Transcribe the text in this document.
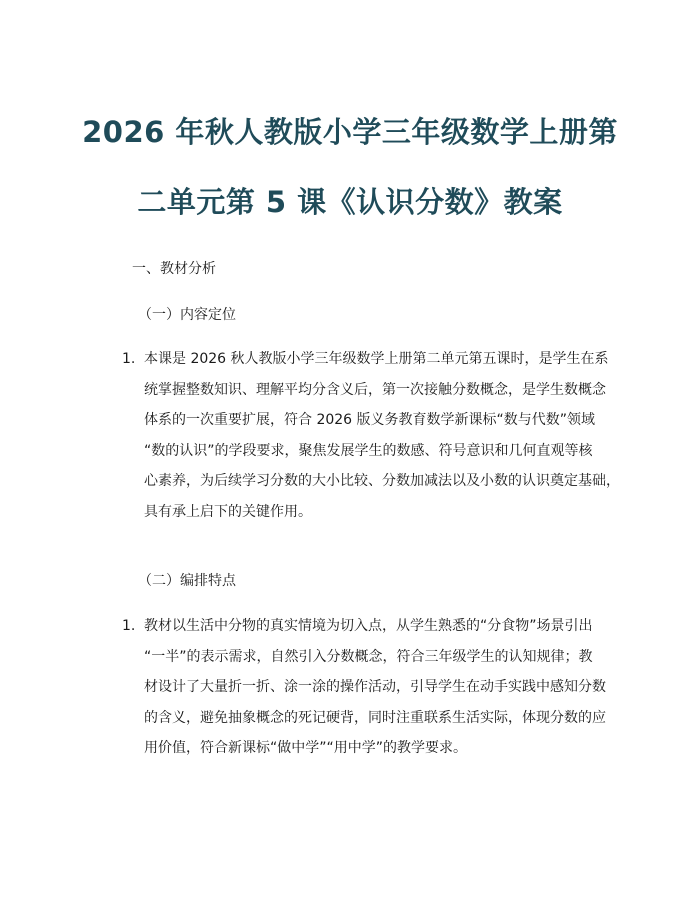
2026 年秋人教版小学三年级数学上册第
二单元第 5 课《认识分数》教案
一、教材分析
（一）内容定位
1. 本课是 2026 秋人教版小学三年级数学上册第二单元第五课时，是学生在系
统掌握整数知识、理解平均分含义后，第一次接触分数概念，是学生数概念
体系的一次重要扩展，符合 2026 版义务教育数学新课标“数与代数”领域
“数的认识”的学段要求，聚焦发展学生的数感、符号意识和几何直观等核
心素养，为后续学习分数的大小比较、分数加减法以及小数的认识奠定基础，
具有承上启下的关键作用。
（二）编排特点
1. 教材以生活中分物的真实情境为切入点，从学生熟悉的“分食物”场景引出
“一半”的表示需求，自然引入分数概念，符合三年级学生的认知规律；教
材设计了大量折一折、涂一涂的操作活动，引导学生在动手实践中感知分数
的含义，避免抽象概念的死记硬背，同时注重联系生活实际，体现分数的应
用价值，符合新课标“做中学”“用中学”的教学要求。
